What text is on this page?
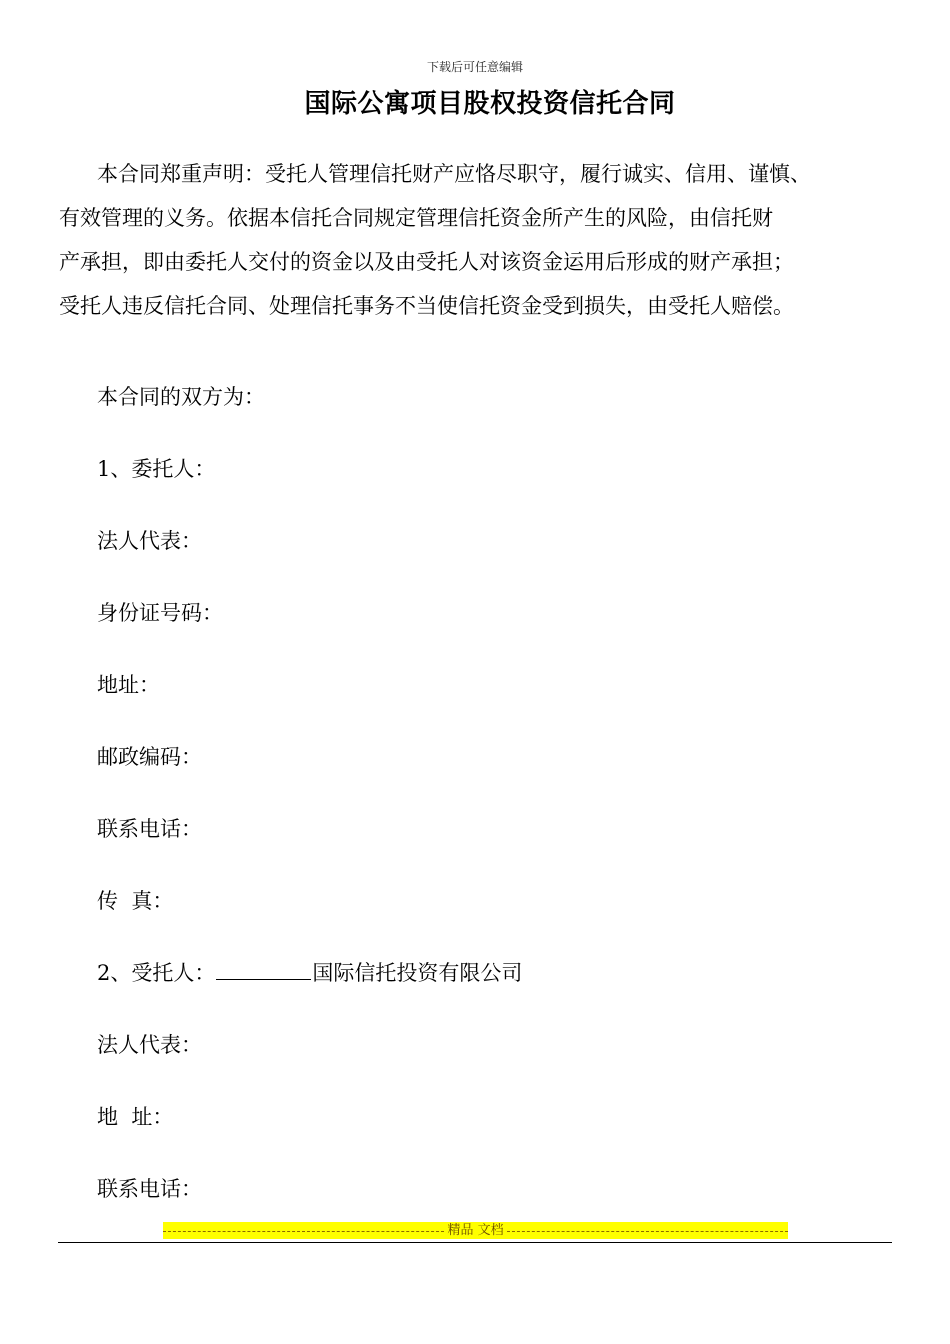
下载后可任意编辑
国际公寓项目股权投资信托合同

本合同郑重声明：受托人管理信托财产应恪尽职守，履行诚实、信用、谨慎、
有效管理的义务。依据本信托合同规定管理信托资金所产生的风险，由信托财
产承担，即由委托人交付的资金以及由受托人对该资金运用后形成的财产承担；
受托人违反信托合同、处理信托事务不当使信托资金受到损失，由受托人赔偿。

本合同的双方为：

1、委托人：

法人代表：

身份证号码：

地址：

邮政编码：

联系电话：

传  真：

2、受托人：	国际信托投资有限公司

法人代表：

地  址：

联系电话：

精品 文档
